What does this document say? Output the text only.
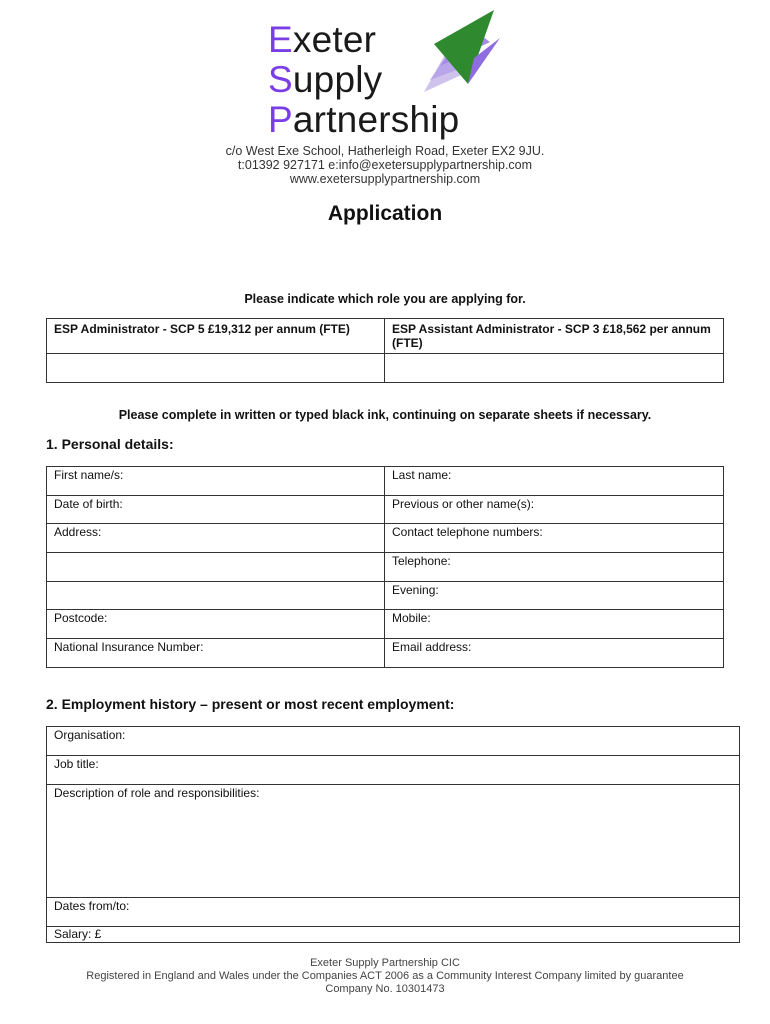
Exeter
Supply
Partnership
c/o West Exe School, Hatherleigh Road, Exeter EX2 9JU.
t:01392 927171 e:info@exetersupplypartnership.com
www.exetersupplypartnership.com
Application
Please indicate which role you are applying for.
ESP Administrator - SCP 5 £19,312 per annum (FTE)	ESP Assistant Administrator - SCP 3 £18,562 per annum (FTE)

Please complete in written or typed black ink, continuing on separate sheets if necessary.
1. Personal details:
First name/s:	Last name:
Date of birth:	Previous or other name(s):
Address:	Contact telephone numbers:
	Telephone:
	Evening:
Postcode:	Mobile:
National Insurance Number:	Email address:
2. Employment history – present or most recent employment:
Organisation:
Job title:
Description of role and responsibilities:
Dates from/to:
Salary: £
Exeter Supply Partnership CIC
Registered in England and Wales under the Companies ACT 2006 as a Community Interest Company limited by guarantee
Company No. 10301473
